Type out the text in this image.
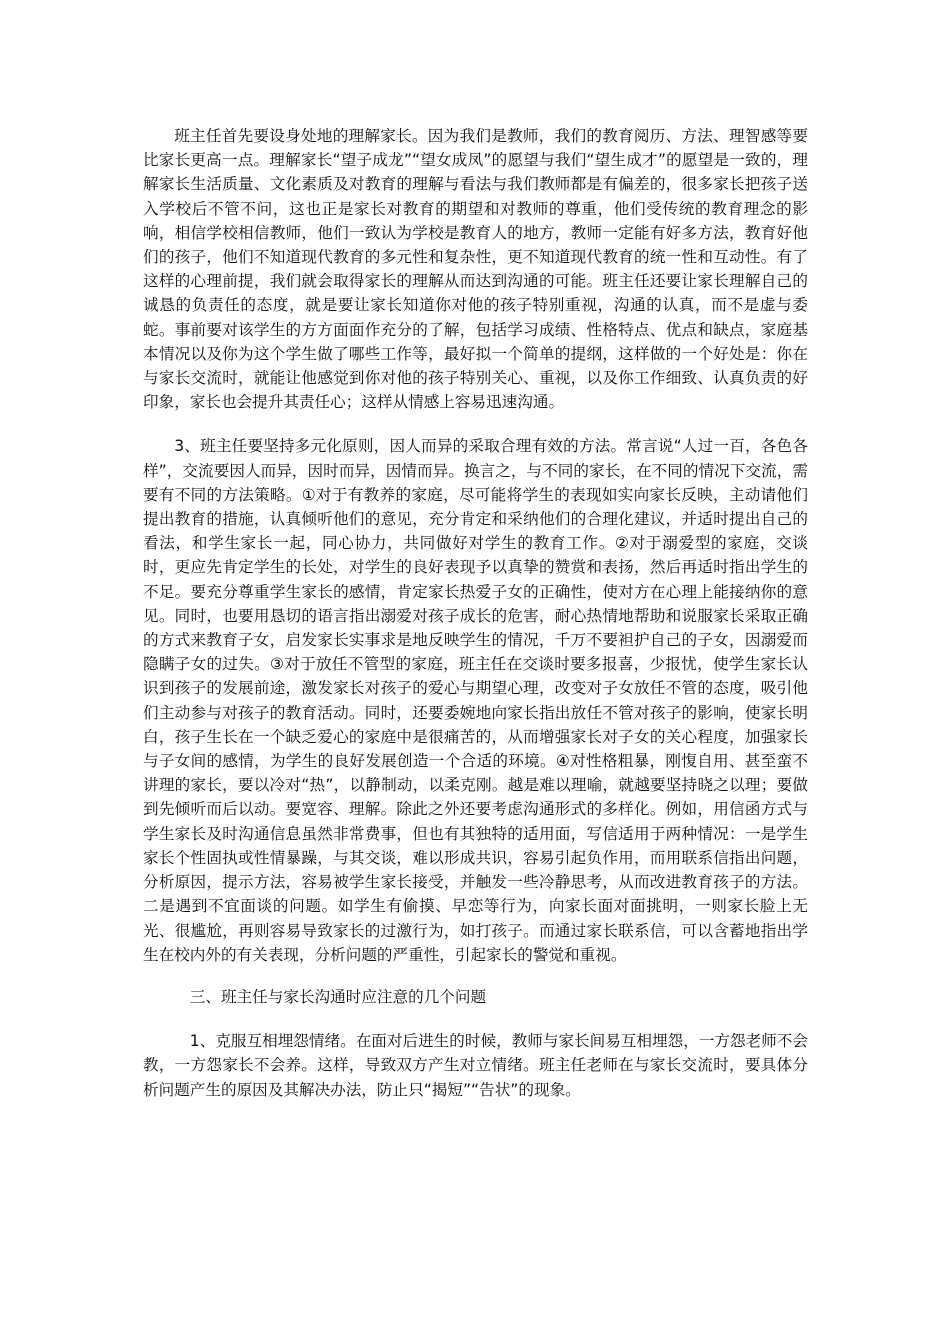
班主任首先要设身处地的理解家长。因为我们是教师，我们的教育阅历、方法、理智感等要比家长更高一点。理解家长“望子成龙”“望女成凤”的愿望与我们“望生成才”的愿望是一致的，理解家长生活质量、文化素质及对教育的理解与看法与我们教师都是有偏差的，很多家长把孩子送入学校后不管不问，这也正是家长对教育的期望和对教师的尊重，他们受传统的教育理念的影响，相信学校相信教师，他们一致认为学校是教育人的地方，教师一定能有好多方法，教育好他们的孩子，他们不知道现代教育的多元性和复杂性，更不知道现代教育的统一性和互动性。有了这样的心理前提，我们就会取得家长的理解从而达到沟通的可能。班主任还要让家长理解自己的诚恳的负责任的态度，就是要让家长知道你对他的孩子特别重视，沟通的认真，而不是虚与委蛇。事前要对该学生的方方面面作充分的了解，包括学习成绩、性格特点、优点和缺点，家庭基本情况以及你为这个学生做了哪些工作等，最好拟一个简单的提纲，这样做的一个好处是：你在与家长交流时，就能让他感觉到你对他的孩子特别关心、重视，以及你工作细致、认真负责的好印象，家长也会提升其责任心；这样从情感上容易迅速沟通。

3、班主任要坚持多元化原则，因人而异的采取合理有效的方法。常言说“人过一百，各色各样”，交流要因人而异，因时而异，因情而异。换言之，与不同的家长，在不同的情况下交流，需要有不同的方法策略。①对于有教养的家庭，尽可能将学生的表现如实向家长反映，主动请他们提出教育的措施，认真倾听他们的意见，充分肯定和采纳他们的合理化建议，并适时提出自己的看法，和学生家长一起，同心协力，共同做好对学生的教育工作。②对于溺爱型的家庭，交谈时，更应先肯定学生的长处，对学生的良好表现予以真挚的赞赏和表扬，然后再适时指出学生的不足。要充分尊重学生家长的感情，肯定家长热爱子女的正确性，使对方在心理上能接纳你的意见。同时，也要用恳切的语言指出溺爱对孩子成长的危害，耐心热情地帮助和说服家长采取正确的方式来教育子女，启发家长实事求是地反映学生的情况，千万不要袒护自己的子女，因溺爱而隐瞒子女的过失。③对于放任不管型的家庭，班主任在交谈时要多报喜，少报忧，使学生家长认识到孩子的发展前途，激发家长对孩子的爱心与期望心理，改变对子女放任不管的态度，吸引他们主动参与对孩子的教育活动。同时，还要委婉地向家长指出放任不管对孩子的影响，使家长明白，孩子生长在一个缺乏爱心的家庭中是很痛苦的，从而增强家长对子女的关心程度，加强家长与子女间的感情，为学生的良好发展创造一个合适的环境。④对性格粗暴，刚愎自用、甚至蛮不讲理的家长，要以冷对“热”，以静制动，以柔克刚。越是难以理喻，就越要坚持晓之以理；要做到先倾听而后以动。要宽容、理解。除此之外还要考虑沟通形式的多样化。例如，用信函方式与学生家长及时沟通信息虽然非常费事，但也有其独特的适用面，写信适用于两种情况：一是学生家长个性固执或性情暴躁，与其交谈，难以形成共识，容易引起负作用，而用联系信指出问题，分析原因，提示方法，容易被学生家长接受，并触发一些冷静思考，从而改进教育孩子的方法。二是遇到不宜面谈的问题。如学生有偷摸、早恋等行为，向家长面对面挑明，一则家长脸上无光、很尴尬，再则容易导致家长的过激行为，如打孩子。而通过家长联系信，可以含蓄地指出学生在校内外的有关表现，分析问题的严重性，引起家长的警觉和重视。

三、班主任与家长沟通时应注意的几个问题

1、克服互相埋怨情绪。在面对后进生的时候，教师与家长间易互相埋怨，一方怨老师不会教，一方怨家长不会养。这样，导致双方产生对立情绪。班主任老师在与家长交流时，要具体分析问题产生的原因及其解决办法，防止只“揭短”“告状”的现象。
